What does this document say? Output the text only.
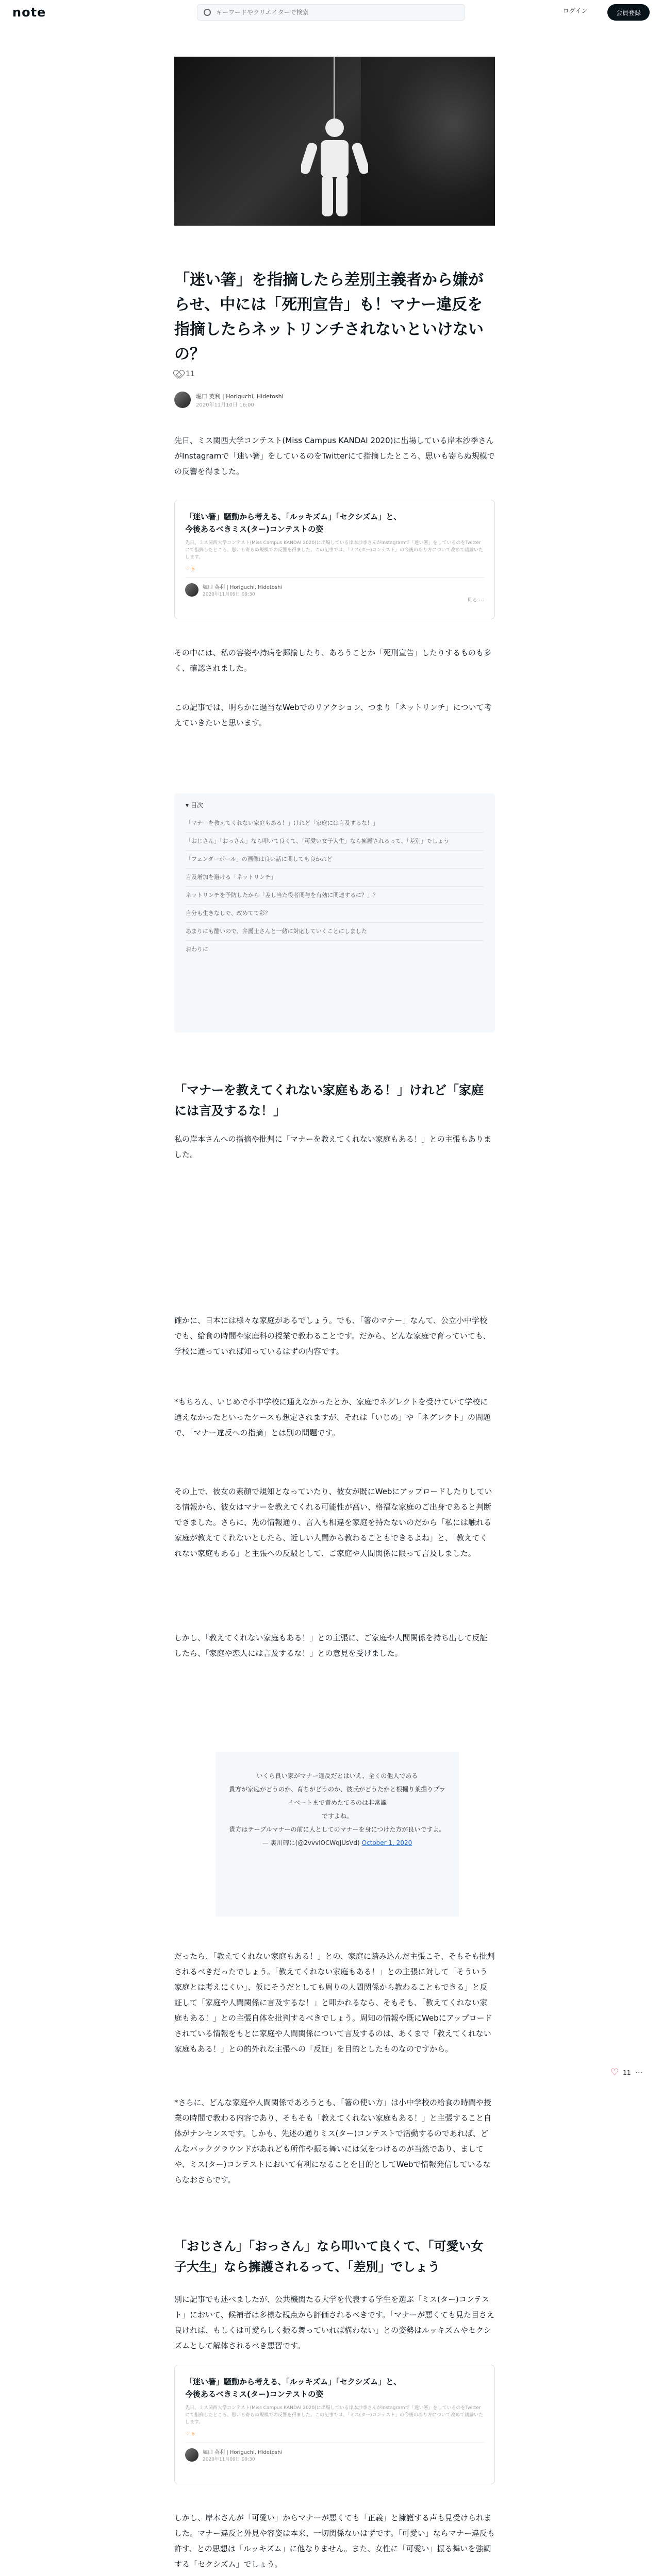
note
キーワードやクリエイターで検索	ログイン	会員登録
「迷い箸」を指摘したら差別主義者から嫌がらせ、中には「死刑宣告」も！マナー違反を指摘したらネットリンチされないといけないの？
11
堀口 英利 | Horiguchi, Hidetoshi
2020年11月10日 16:00

先日、ミス関西大学コンテスト(Miss Campus KANDAI 2020)に出場している岸本沙季さんがInstagramで「迷い箸」をしているのをTwitterにて指摘したところ、思いも寄らぬ規模での反響を得ました。

「迷い箸」騒動から考える、「ルッキズム」「セクシズム」と、今後あるべきミス(ター)コンテストの姿
先日、ミス関西大学コンテスト(Miss Campus KANDAI 2020)に出場している岸本沙季さんがInstagramで「迷い箸」をしているのをTwitterにて指摘したところ、思いも寄らぬ規模での反響を得ました。この記事では、「ミス(ター)コンテスト」の今後のあり方について改めて議論いたします。
♡ 6
堀口 英利 | Horiguchi, Hidetoshi
2020年11月09日 09:30
見る ⋯

その中には、私の容姿や持病を揶揄したり、あろうことか「死刑宣告」したりするものも多く、確認されました。

この記事では、明らかに過当なWebでのリアクション、つまり「ネットリンチ」について考えていきたいと思います。

▾ 目次
「マナーを教えてくれない家庭もある！」けれど「家庭には言及するな！」
「おじさん」「おっさん」なら叩いて良くて、「可愛い女子大生」なら擁護されるって、「差別」でしょう
「フェンダーポール」の画像は良い話に関しても良かれど
言及増加を避ける「ネットリンチ」
ネットリンチを予防したから「差し当た役者関与を有効に関連するに？」？
自分も生きなしで、改めてて彩？
あまりにも酷いので、弁護士さんと一緒に対応していくことにしました
おわりに
「マナーを教えてくれない家庭もある！」けれど「家庭には言及するな！」

私の岸本さんへの指摘や批判に「マナーを教えてくれない家庭もある！」との主張もありました。

確かに、日本には様々な家庭があるでしょう。でも、「箸のマナー」なんて、公立小中学校でも、給食の時間や家庭科の授業で教わることです。だから、どんな家庭で育っていても、学校に通っていれば知っているはずの内容です。

*もちろん、いじめで小中学校に通えなかったとか、家庭でネグレクトを受けていて学校に通えなかったといったケースも想定されますが、それは「いじめ」や「ネグレクト」の問題で、「マナー違反への指摘」とは別の問題です。

その上で、彼女の素顔で規知となっていたり、彼女が既にWebにアップロードしたりしている情報から、彼女はマナーを教えてくれる可能性が高い、格福な家庭のご出身であると判断できました。さらに、先の情報通り、言入も相違を家庭を持たないのだから「私には触れる家庭が教えてくれないとしたら、近しい人間から教わることもできるよね」と、「教えてくれない家庭もある」と主張への反駁として、ご家庭や人間関係に限って言及しました。

しかし、「教えてくれない家庭もある！」との主張に、ご家庭や人間関係を持ち出して反証したら、「家庭や恋人には言及するな！」との意見を受けました。

いくら良い家がマナー違反だとはいえ、全くの他人である
貴方が家庭がどうのか、育ちがどうのか、彼氏がどうたかと根掘り葉掘りプライベートまで責めたてるのは非常識
ですよね。
貴方はテーブルマナーの前に人としてのマナーを身につけた方が良いですよ。
— 裏川碑に(@2vvvlOCWqjUsVd) October 1, 2020

だったら、「教えてくれない家庭もある！」との、家庭に踏み込んだ主張こそ、そもそも批判されるべきだったでしょう。「教えてくれない家庭もある！」との主張に対して「そういう家庭とは考えにくい」、仮にそうだとしても周りの人間関係から教わることもできる」と反証して「家庭や人間関係に言及するな！」と叩かれるなら、そもそも、「教えてくれない家庭もある！」との主張自体を批判するべきでしょう。周知の情報や既にWebにアップロードされている情報をもとに家庭や人間関係について言及するのは、あくまで「教えてくれない家庭もある！」との的外れな主張への「反証」を目的としたものなのですから。

*さらに、どんな家庭や人間関係であろうとも、「箸の使い方」は小中学校の給食の時間や授業の時間で教わる内容であり、そもそも「教えてくれない家庭もある！」と主張すること自体がナンセンスです。しかも、先述の通りミス(ター)コンテストで活動するのであれば、どんなバックグラウンドがあれども所作や振る舞いには気をつけるのが当然であり、ましてや、ミス(ター)コンテストにおいて有利になることを目的としてWebで情報発信しているならなおさらです。

♡ 11 ⋯
「おじさん」「おっさん」なら叩いて良くて、「可愛い女子大生」なら擁護されるって、「差別」でしょう

別に記事でも述べましたが、公共機関たる大学を代表する学生を選ぶ「ミス(ター)コンテスト」において、候補者は多様な観点から評価されるべきです。「マナーが悪くても見た目さえ良ければ、もしくは可愛らしく振る舞っていれば構わない」との姿勢はルッキズムやセクシズムとして解体されるべき悪習です。

「迷い箸」騒動から考える、「ルッキズム」「セクシズム」と、今後あるべきミス(ター)コンテストの姿
先日、ミス関西大学コンテスト(Miss Campus KANDAI 2020)に出場している岸本沙季さんがInstagramで「迷い箸」をしているのをTwitterにて指摘したところ、思いも寄らぬ規模での反響を得ました。この記事では、「ミス(ター)コンテスト」の今後のあり方について改めて議論いたします。
♡ 6
堀口 英利 | Horiguchi, Hidetoshi
2020年11月09日 09:30

しかし、岸本さんが「可愛い」からマナーが悪くても「正義」と擁護する声も見受けられました。マナー違反と外見や容姿は本来、一切関係ないはずです。「可愛い」ならマナー違反も許す、との思想は「ルッキズム」に他なりません。また、女性に「可愛い」振る舞いを強調する「セクシズム」でしょう。
